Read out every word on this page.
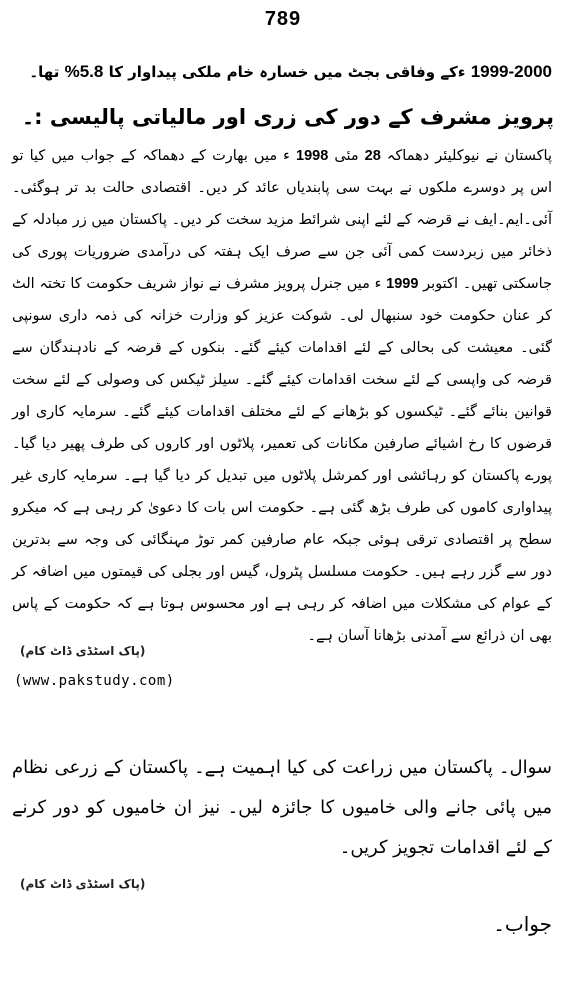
789
1999-2000 ءکے وفاقی بجٹ میں خسارہ خام ملکی پیداوار کا 5.8% تھا۔
پرویز مشرف کے دور کی زری اور مالیاتی پالیسی :۔

پاکستان نے نیوکلیئر دھماکہ 28 مئی 1998 ء میں بھارت کے دھماکہ کے جواب میں کیا تو اس پر دوسرے ملکوں نے بہت سی پابندیاں عائد کر دیں۔ اقتصادی حالت بد تر ہوگئی۔ آئی۔ایم۔ایف نے قرضہ کے لئے اپنی شرائط مزید سخت کر دیں۔ پاکستان میں زر مبادلہ کے ذخائر میں زبردست کمی آئی جن سے صرف ایک ہفتہ کی درآمدی ضروریات پوری کی جاسکتی تھیں۔ اکتوبر 1999 ء میں جنرل پرویز مشرف نے نواز شریف حکومت کا تختہ الٹ کر عنان حکومت خود سنبھال لی۔ شوکت عزیز کو وزارت خزانہ کی ذمہ داری سونپی گئی۔ معیشت کی بحالی کے لئے اقدامات کیئے گئے۔ بنکوں کے قرضہ کے نادہندگان سے قرضہ کی واپسی کے لئے سخت اقدامات کیئے گئے۔ سیلز ٹیکس کی وصولی کے لئے سخت قوانین بنائے گئے۔ ٹیکسوں کو بڑھانے کے لئے مختلف اقدامات کیئے گئے۔ سرمایہ کاری اور قرضوں کا رخ اشیائے صارفین مکانات کی تعمیر، پلاٹوں اور کاروں کی طرف پھیر دیا گیا۔ پورے پاکستان کو رہائشی اور کمرشل پلاٹوں میں تبدیل کر دیا گیا ہے۔ سرمایہ کاری غیر پیداواری کاموں کی طرف بڑھ گئی ہے۔ حکومت اس بات کا دعویٰ کر رہی ہے کہ میکرو سطح پر اقتصادی ترقی ہوئی جبکہ عام صارفین کمر توڑ مہنگائی کی وجہ سے بدترین دور سے گزر رہے ہیں۔ حکومت مسلسل پٹرول، گیس اور بجلی کی قیمتوں میں اضافہ کر کے عوام کی مشکلات میں اضافہ کر رہی ہے اور محسوس ہوتا ہے کہ حکومت کے پاس بھی ان ذرائع سے آمدنی بڑھانا آسان ہے۔

(پاک اسٹڈی ڈاٹ کام)
(www.pakstudy.com)

سوال۔ پاکستان میں زراعت کی کیا اہمیت ہے۔ پاکستان کے زرعی نظام میں پائی جانے والی خامیوں کا جائزہ لیں۔ نیز ان خامیوں کو دور کرنے کے لئے اقدامات تجویز کریں۔

(پاک اسٹڈی ڈاٹ کام)
جواب۔
